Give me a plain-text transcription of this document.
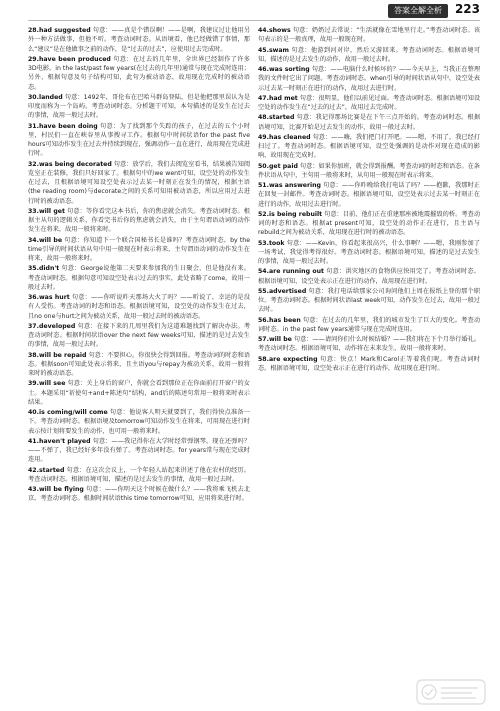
答案全解全析	223

28.had suggested 句意：——真是个错误啊！——是啊，我建议过让他用另外一种方法做事，但他不听。考查动词时态。从语境看，他已经做错了事情，那么“建议”是在他做事之前的动作，是“过去的过去”，应使用过去完成时。

29.have been produced 句意：在过去的几年里，全世界已经制作了许多3D电影。in the last/past few years(在过去的几年里)通常与现在完成时连用；另外，根据句意及句子结构可知，此句为被动语态，故用现在完成时的被动语态。

30.landed 句意：1492年，哥伦布在巴哈马群岛登陆，但是他把那里误认为是印度而称为一个岛屿。考查动词时态。分析题干可知，本句描述的是发生在过去的事情，故用一般过去时。

31.have been doing 句意：为了找到那个失踪的孩子，在过去的五个小时里，村民们一直在峡谷里从事搜寻工作。根据句中时间状语for the past five hours可知动作发生在过去并持续到现在，强调动作一直在进行，故用现在完成进行时。

32.was being decorated 句意：放学后，我们去阅览室看书，结果被告知阅览室正在装修，我们只好回家了。根据句中的we went可知，设空处的动作发生在过去，且根据语境可知设空处表示过去某一时刻正在发生的情况，根据主语(the reading room)与decorate之间的关系可知用被动语态，所以应用过去进行时的被动语态。

33.will get 句意：等你看完这本书后，你的焦虑就会消失。考查动词时态。根据主从句的逻辑关系，你看完书后你的焦虑就会消失，由于主句谓语动词的动作发生在将来，故用一般将来时。

34.will be 句意：你知道下一个联合国秘书长是谁吗？考查动词时态。by the time引导的时间状语从句中用一般现在时表示将来，主句谓语动词的动作发生在将来，故用一般将来时。

35.didn't 句意：George说他第二天要来参加我的生日聚会，但是他没有来。考查动词时态。根据句意可知设空处表示过去的事实，此处省略了come，故用一般过去时。

36.was hurt 句意：——你听说昨天那场大火了吗？——听说了，幸运的是没有人受伤。考查动词的时态和语态。根据语境可知，设空处的动作发生在过去，且no one与hurt之间为被动关系，故用一般过去时的被动语态。

37.developed 句意：在接下来的几周里我们为这道难题找到了解决办法。考查动词时态。根据时间状语over the next few weeks可知，描述的是过去发生的事情，故用一般过去时。

38.will be repaid 句意：不要担心。你很快会得到回报。考查动词的时态和语态。根据soon可知此处表示将来，且主语you与repay为被动关系，故用一般将来时的被动语态。

39.will see 句意：关上身后的窗户，你就会看到那位正在你面前打开窗户的女士。本题采用“祈使句+and+陈述句”结构，and后的陈述句常用一般将来时表示结果。

40.is coming/will come 句意：他说客人明天就要到了，我们得快点准备一下。考查动词时态。根据语境及tomorrow可知动作发生在将来，可用现在进行时表示按计划将要发生的动作，也可用一般将来时。

41.haven't played 句意：——我记得你在大学时经常弹钢琴，现在还弹吗？——不弹了，我已经好多年没有弹了。考查动词时态。for years常与现在完成时连用。

42.started 句意：在这次会议上，一个年轻人站起来讲述了他在农村的经历。考查动词时态。根据语境可知，描述的是过去发生的事情，故用一般过去时。

43.will be flying 句意：——你明天这个时候在做什么？——我将乘飞机去北京。考查动词时态。根据时间状语this time tomorrow可知，应用将来进行时。

44.shows 句意：奶奶过去常说：“生活就像在雪地里行走。”考查动词时态。该句表示的是一般真理，故用一般现在时。

45.swam 句意：他游到河对岸，然后又游回来。考查动词时态。根据语境可知，描述的是过去发生的动作，故用一般过去时。

46.was sorting 句意：——电脑什么时候坏的？——今天早上，当我正在整理我的文件时它出了问题。考查动词时态。when引导的时间状语从句中，设空处表示过去某一时刻正在进行的动作，故用过去进行时。

47.had met 句意：很明显，他们以前见过面。考查动词时态。根据语境可知设空处的动作发生在“过去的过去”，故用过去完成时。

48.started 句意：我记得那场比赛是在下午三点开始的。考查动词时态。根据语境可知，比赛开始是过去发生的动作，故用一般过去时。

49.has cleaned 句意：——嗨，我们把门打开吧。——嗯，不用了，我已经打扫过了。考查动词时态。根据语境可知，设空处强调的是动作对现在造成的影响，故用现在完成时。

50.get paid 句意：如果你加班，就会得到报酬。考查动词的时态和语态。在条件状语从句中，主句用一般将来时，从句用一般现在时表示将来。

51.was answering 句意：——你昨晚给我打电话了吗？——抱歉，我那时正在回复一封邮件。考查动词时态。根据语境可知，设空处表示过去某一时刻正在进行的动作，故用过去进行时。

52.is being rebuilt 句意：目前，他们正在重建那座被地震摧毁的桥。考查动词的时态和语态。根据at present可知，设空处的动作正在进行，且主语与rebuild之间为被动关系，故用现在进行时的被动语态。

53.took 句意：——Kevin，你看起来很高兴，什么事啊？——嗯，我刚参加了一场考试，我觉得考得很好。考查动词时态。根据语境可知，描述的是过去发生的事情，故用一般过去时。

54.are running out 句意：洪灾地区的食物供应快用完了。考查动词时态。根据语境可知，设空处表示正在进行的动作，故用现在进行时。

55.advertised 句意：我打电话给那家公司询问他们上周在报纸上登的那个职位。考查动词时态。根据时间状语last week可知，动作发生在过去，故用一般过去时。

56.has been 句意：在过去的几年里，我们的城市发生了巨大的变化。考查动词时态。in the past few years通常与现在完成时连用。

57.will be 句意：——请问你们什么时候结婚？——我们将在下个月举行婚礼。考查动词时态。根据语境可知，动作将在未来发生，故用一般将来时。

58.are expecting 句意：快点！Mark和Carol正等着我们呢。考查动词时态。根据语境可知，设空处表示正在进行的动作，故用现在进行时。
